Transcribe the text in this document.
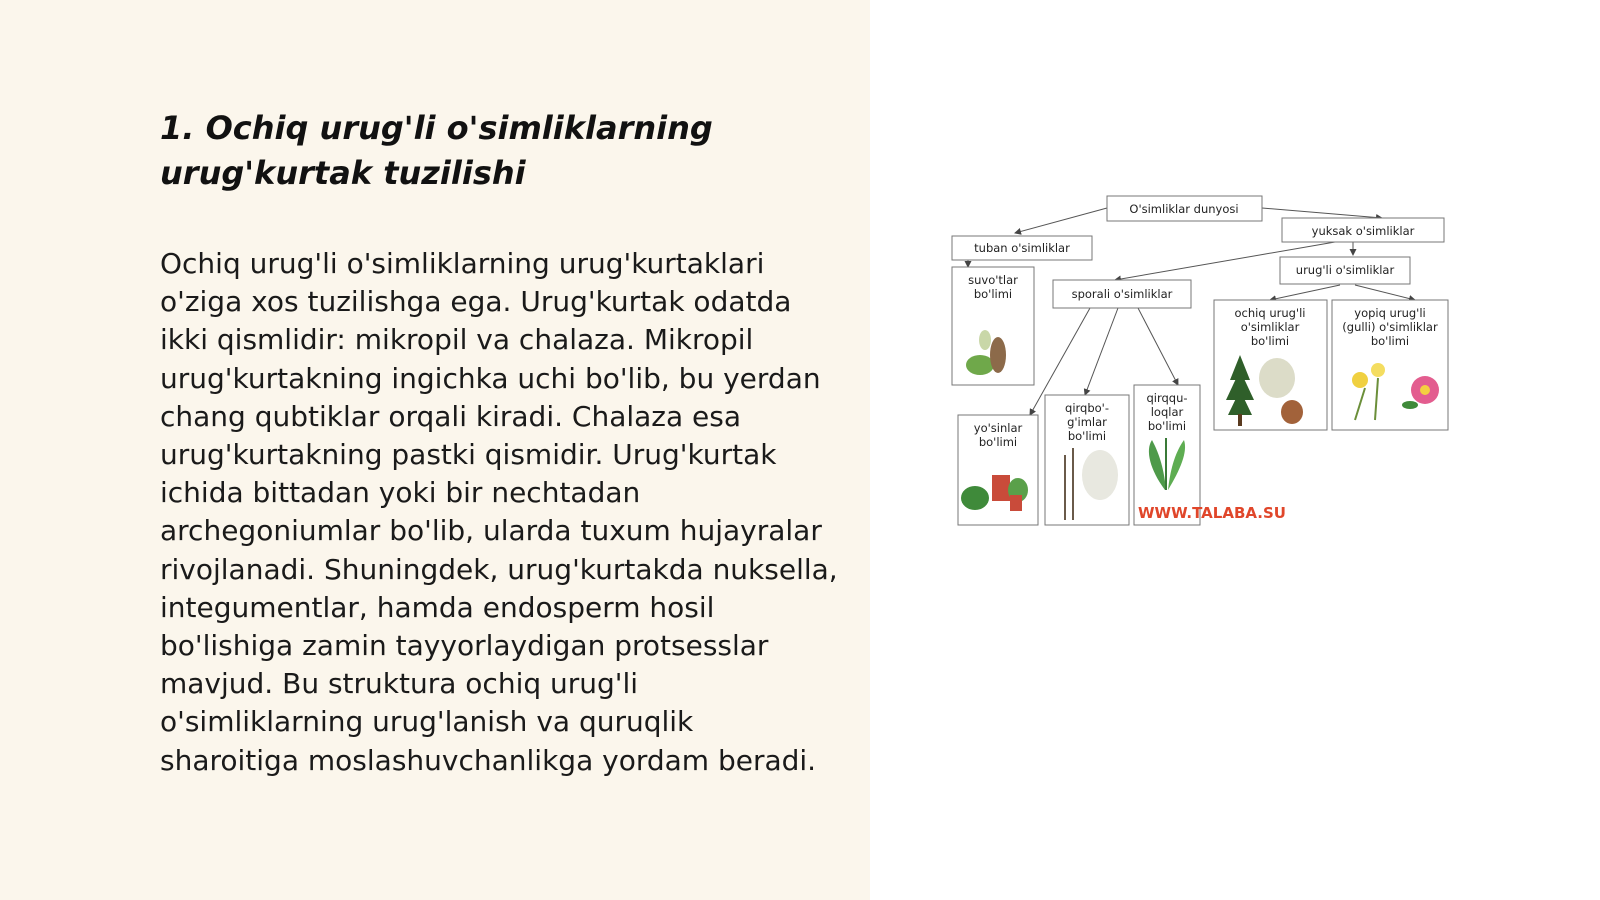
1. Ochiq urug'li o'simliklarning urug'kurtak tuzilishi

Ochiq urug'li o'simliklarning urug'kurtaklari o'ziga xos tuzilishga ega. Urug'kurtak odatda ikki qismlidir: mikropil va chalaza. Mikropil urug'kurtakning ingichka uchi bo'lib, bu yerdan chang qubtiklar orqali kiradi. Chalaza esa urug'kurtakning pastki qismidir. Urug'kurtak ichida bittadan yoki bir nechtadan archegoniumlar bo'lib, ularda tuxum hujayralar rivojlanadi. Shuningdek, urug'kurtakda nuksella, integumentlar, hamda endosperm hosil bo'lishiga zamin tayyorlaydigan protsesslar mavjud. Bu struktura ochiq urug'li o'simliklarning urug'lanish va quruqlik sharoitiga moslashuvchanlikga yordam beradi.

O'simliklar dunyosi
tuban o'simliklar
yuksak o'simliklar
suvo'tlar
bo'limi	sporali o'simliklar
urug'li o'simliklar
ochiq urug'li
o'simliklar
bo'limi
yopiq urug'li
(gulli) o'simliklar
bo'limi
yo'sinlar
bo'limi
qirqbo'-
g'imlar
bo'limi
qirqqu-
loqlar
bo'limi
WWW.TALABA.SU
